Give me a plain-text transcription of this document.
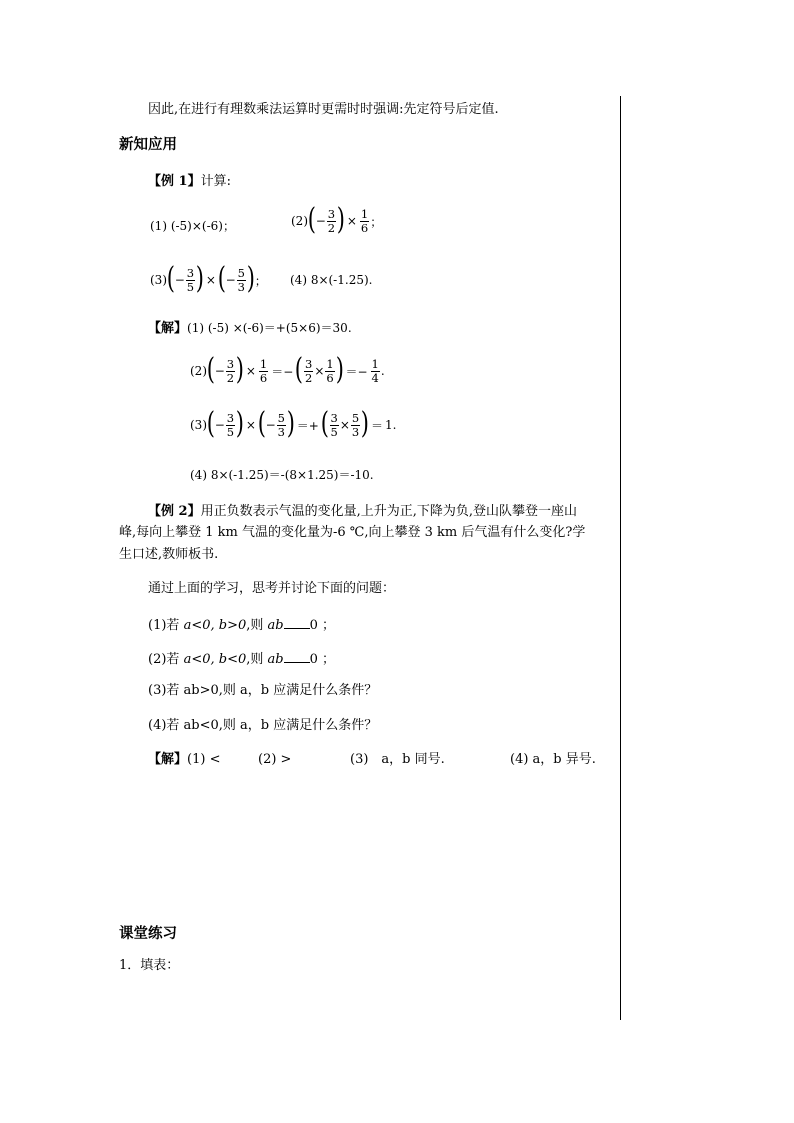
因此,在进行有理数乘法运算时更需时时强调:先定符号后定值.
新知应用
【例 1】计算:
(1) (-5)×(-6)；	(2) ( − $\frac{3}{2}$ ) × $\frac{1}{6}$ ；
(3) ( − $\frac{3}{5}$ ) × ( − $\frac{5}{3}$ ) ； (4) 8×(-1.25).
【解】(1) (-5) ×(-6)＝+(5×6)＝30.
(2) ( − $\frac{3}{2}$ ) × $\frac{1}{6}$ ＝− ( $\frac{3}{2} \times \frac{1}{6}$ ) ＝− $\frac{1}{4}$ .
(3) ( − $\frac{3}{5}$ ) × ( − $\frac{5}{3}$ ) ＝+ ( $\frac{3}{5} \times \frac{5}{3}$ ) ＝ 1.
(4) 8×(-1.25)＝-(8×1.25)＝-10.
【例 2】用正负数表示气温的变化量,上升为正,下降为负,登山队攀登一座山
峰,每向上攀登 1 km 气温的变化量为-6 ℃,向上攀登 3 km 后气温有什么变化?学
生口述,教师板书.
通过上面的学习，思考并讨论下面的问题：
(1)若 a<0, b>0,则 ab 0 ；
(2)若 a<0, b<0,则 ab 0 ；
(3)若 ab>0,则 a，b 应满足什么条件？
(4)若 ab<0,则 a，b 应满足什么条件？
【解】(1) <	(2) >	(3)　a，b 同号.	(4) a，b 异号.
课堂练习
1．填表：
